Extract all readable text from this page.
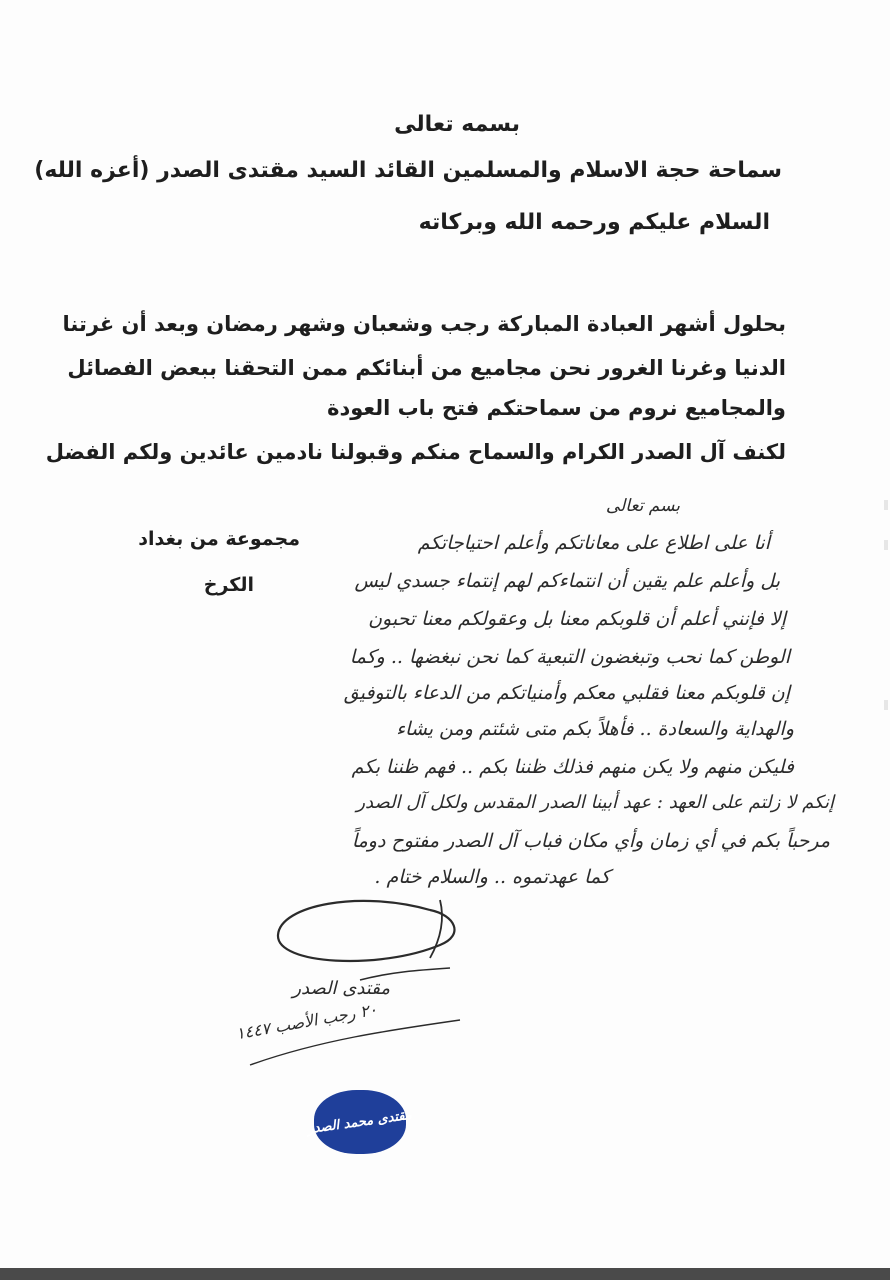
بسمه تعالى
سماحة حجة الاسلام والمسلمين القائد السيد مقتدى الصدر (أعزه الله)
السلام عليكم ورحمه الله وبركاته
بحلول أشهر العبادة المباركة رجب وشعبان وشهر رمضان وبعد أن غرتنا
الدنيا وغرنا الغرور نحن مجاميع من أبنائكم ممن التحقنا ببعض الفصائل
والمجاميع نروم من سماحتكم فتح باب العودة
لكنف آل الصدر الكرام والسماح منكم وقبولنا نادمين عائدين ولكم الفضل
مجموعة من بغداد
الكرخ
بسم تعالى
أنا على اطلاع على معاناتكم وأعلم احتياجاتكم
بل وأعلم علم يقين أن انتماءكم لهم إنتماء جسدي ليس
إلا فإنني أعلم أن قلوبكم معنا بل وعقولكم معنا تحبون
الوطن كما نحب وتبغضون التبعية كما نحن نبغضها .. وكما
إن قلوبكم معنا فقلبي معكم وأمنياتكم من الدعاء بالتوفيق
والهداية والسعادة .. فأهلاً بكم متى شئتم ومن يشاء
فليكن منهم ولا يكن منهم فذلك ظننا بكم .. فهم ظننا بكم
إنكم لا زلتم على العهد : عهد أبينا الصدر المقدس ولكل آل الصدر
مرحباً بكم في أي زمان وأي مكان فباب آل الصدر مفتوح دوماً
كما عهدتموه .. والسلام ختام .
مقتدى الصدر
٢٠ رجب الأصب ١٤٤٧
مقتدى محمد الصدر
